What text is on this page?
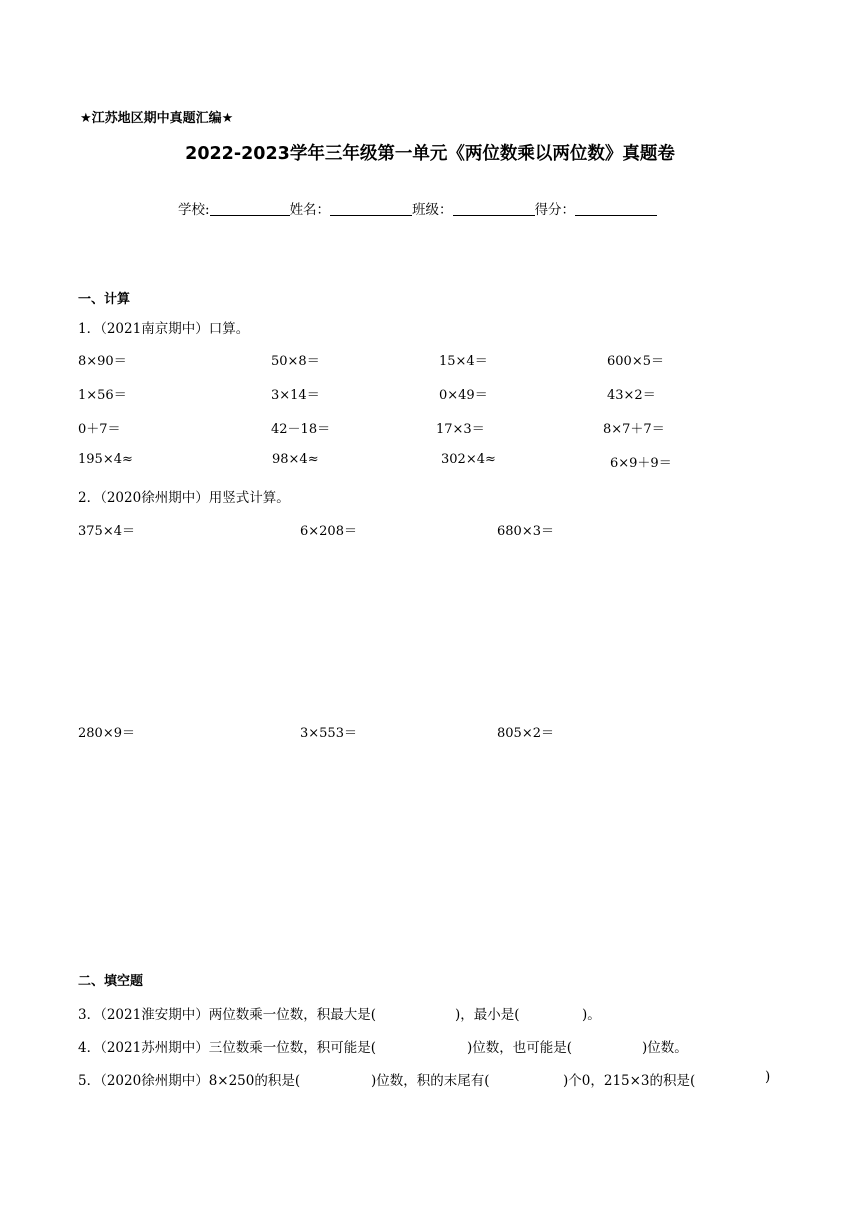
★江苏地区期中真题汇编★
2022-2023学年三年级第一单元《两位数乘以两位数》真题卷
学校:	姓名：	班级：	得分：
一、计算
1．（2021南京期中）口算。
8×90＝	50×8＝	15×4＝	600×5＝
1×56＝	3×14＝	0×49＝	43×2＝
0＋7＝	42－18＝	17×3＝	8×7＋7＝
195×4≈	98×4≈	302×4≈	6×9＋9＝
2．（2020徐州期中）用竖式计算。
375×4＝	6×208＝	680×3＝
280×9＝	3×553＝	805×2＝
二、填空题
3．（2021淮安期中）两位数乘一位数，积最大是(	)，最小是(	)。
4．（2021苏州期中）三位数乘一位数，积可能是(	)位数，也可能是(	)位数。
5．（2020徐州期中）8×250的积是(	)位数，积的末尾有(	)个0，215×3的积是(	)
